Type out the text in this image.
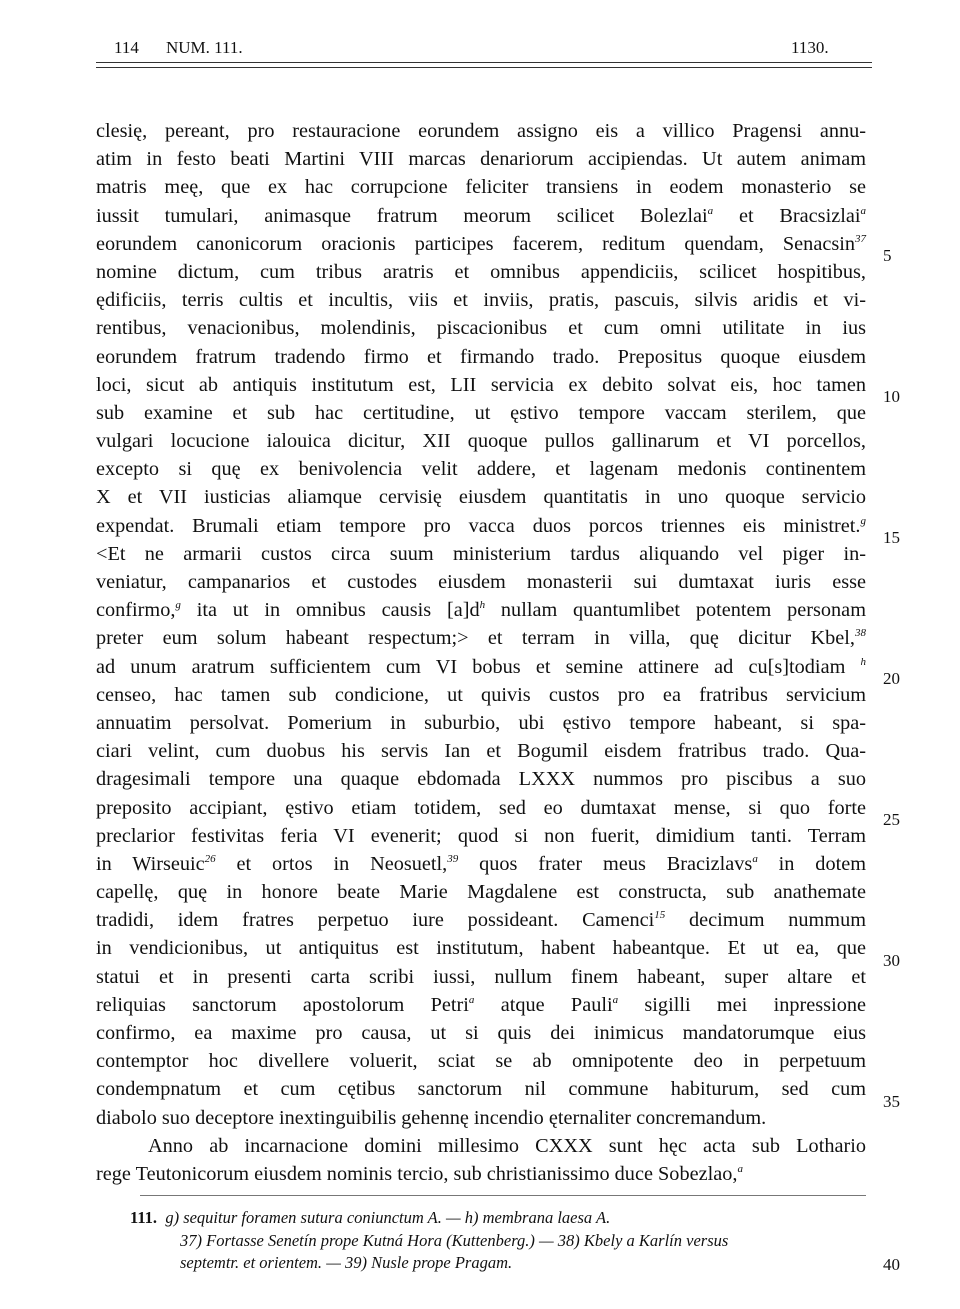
114 NUM. 111.	1130.
clesię, pereant, pro restauracione eorundem assigno eis a villico Pragensi annu-
atim in festo beati Martini VIII marcas denariorum accipiendas. Ut autem animam
matris meę, que ex hac corrupcione feliciter transiens in eodem monasterio se
iussit tumulari, animasque fratrum meorum scilicet Bolezlai$^a$ et Bracsizlai$^a$
eorundem canonicorum oracionis participes facerem, reditum quendam, Senacsin$^{37}$
nomine dictum, cum tribus aratris et omnibus appendiciis, scilicet hospitibus,
ędificiis, terris cultis et incultis, viis et inviis, pratis, pascuis, silvis aridis et vi-
rentibus, venacionibus, molendinis, piscacionibus et cum omni utilitate in ius
eorundem fratrum tradendo firmo et firmando trado. Prepositus quoque eiusdem
loci, sicut ab antiquis institutum est, LII servicia ex debito solvat eis, hoc tamen
sub examine et sub hac certitudine, ut ęstivo tempore vaccam sterilem, que
vulgari locucione ialouica dicitur, XII quoque pullos gallinarum et VI porcellos,
excepto si quę ex benivolencia velit addere, et lagenam medonis continentem
X et VII iusticias aliamque cervisię eiusdem quantitatis in uno quoque servicio
expendat. Brumali etiam tempore pro vacca duos porcos triennes eis ministret.$^g$
<Et ne armarii custos circa suum ministerium tardus aliquando vel piger in-
veniatur, campanarios et custodes eiusdem monasterii sui dumtaxat iuris esse
confirmo,$^g$ ita ut in omnibus causis $[a]d^h$ nullam quantumlibet potentem personam
preter eum solum habeant respectum;> et terram in villa, quę dicitur Kbel,$^{38}$
ad unum aratrum sufficientem cum VI bobus et semine attinere ad cu[s]todiam $^h$
censeo, hac tamen sub condicione, ut quivis custos pro ea fratribus servicium
annuatim persolvat. Pomerium in suburbio, ubi ęstivo tempore habeant, si spa-
ciari velint, cum duobus his servis Ian et Bogumil eisdem fratribus trado. Qua-
dragesimali tempore una quaque ebdomada LXXX nummos pro piscibus a suo
preposito accipiant, ęstivo etiam totidem, sed eo dumtaxat mense, si quo forte
preclarior festivitas feria VI evenerit; quod si non fuerit, dimidium tanti. Terram
in Wirseuic$^{26}$ et ortos in Neosuetl,$^{39}$ quos frater meus Bracizlavs$^a$ in dotem
capellę, quę in honore beate Marie Magdalene est constructa, sub anathemate
tradidi, idem fratres perpetuo iure possideant. Camenci$^{15}$ decimum nummum
in vendicionibus, ut antiquitus est institutum, habent habeantque. Et ut ea, que
statui et in presenti carta scribi iussi, nullum finem habeant, super altare et
reliquias sanctorum apostolorum Petri$^a$ atque Pauli$^a$ sigilli mei inpressione
confirmo, ea maxime pro causa, ut si quis dei inimicus mandatorumque eius
contemptor hoc divellere voluerit, sciat se ab omnipotente deo in perpetuum
condempnatum et cum cętibus sanctorum nil commune habiturum, sed cum
diabolo suo deceptore inextinguibilis gehennę incendio ęternaliter concremandum.
Anno ab incarnacione domini millesimo CXXX sunt hęc acta sub Lothario
rege Teutonicorum eiusdem nominis tercio, sub christianissimo duce Sobezlao,$^a$
5
10
15
20
25
30
35
40
111. g) sequitur foramen sutura coniunctum A. — h) membrana laesa A.
37) Fortasse Senetín prope Kutná Hora (Kuttenberg.) — 38) Kbely a Karlín versus
septemtr. et orientem. — 39) Nusle prope Pragam.
